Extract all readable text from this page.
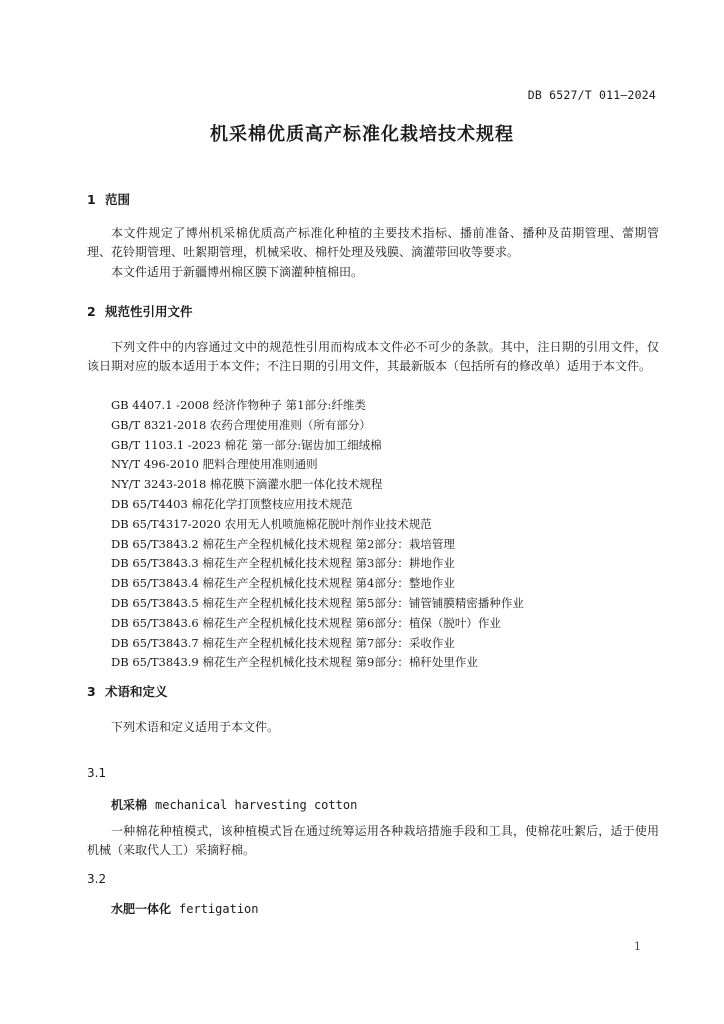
DB 6527/T 011—2024
机采棉优质高产标准化栽培技术规程
1 范围
本文件规定了博州机采棉优质高产标准化种植的主要技术指标、播前准备、播种及苗期管理、蕾期管理、花铃期管理、吐絮期管理，机械采收、棉杆处理及残膜、滴灌带回收等要求。
本文件适用于新疆博州棉区膜下滴灌种植棉田。
2 规范性引用文件
下列文件中的内容通过文中的规范性引用而构成本文件必不可少的条款。其中，注日期的引用文件，仅该日期对应的版本适用于本文件；不注日期的引用文件，其最新版本（包括所有的修改单）适用于本文件。
GB 4407.1 -2008 经济作物种子 第1部分:纤维类
GB/T 8321-2018 农药合理使用准则（所有部分）
GB/T 1103.1 -2023 棉花 第一部分:锯齿加工细绒棉
NY/T 496-2010 肥料合理使用准则通则
NY/T 3243-2018 棉花膜下滴灌水肥一体化技术规程
DB 65/T4403 棉花化学打顶整枝应用技术规范
DB 65/T4317-2020 农用无人机喷施棉花脱叶剂作业技术规范
DB 65/T3843.2 棉花生产全程机械化技术规程 第2部分：栽培管理
DB 65/T3843.3 棉花生产全程机械化技术规程 第3部分：耕地作业
DB 65/T3843.4 棉花生产全程机械化技术规程 第4部分：整地作业
DB 65/T3843.5 棉花生产全程机械化技术规程 第5部分：铺管铺膜精密播种作业
DB 65/T3843.6 棉花生产全程机械化技术规程 第6部分：植保（脱叶）作业
DB 65/T3843.7 棉花生产全程机械化技术规程 第7部分：采收作业
DB 65/T3843.9 棉花生产全程机械化技术规程 第9部分：棉秆处里作业
3 术语和定义
下列术语和定义适用于本文件。
3.1
机采棉 mechanical harvesting cotton
一种棉花种植模式，该种植模式旨在通过统筹运用各种栽培措施手段和工具，使棉花吐絮后，适于使用机械（来取代人工）采摘籽棉。
3.2
水肥一体化 fertigation
1
